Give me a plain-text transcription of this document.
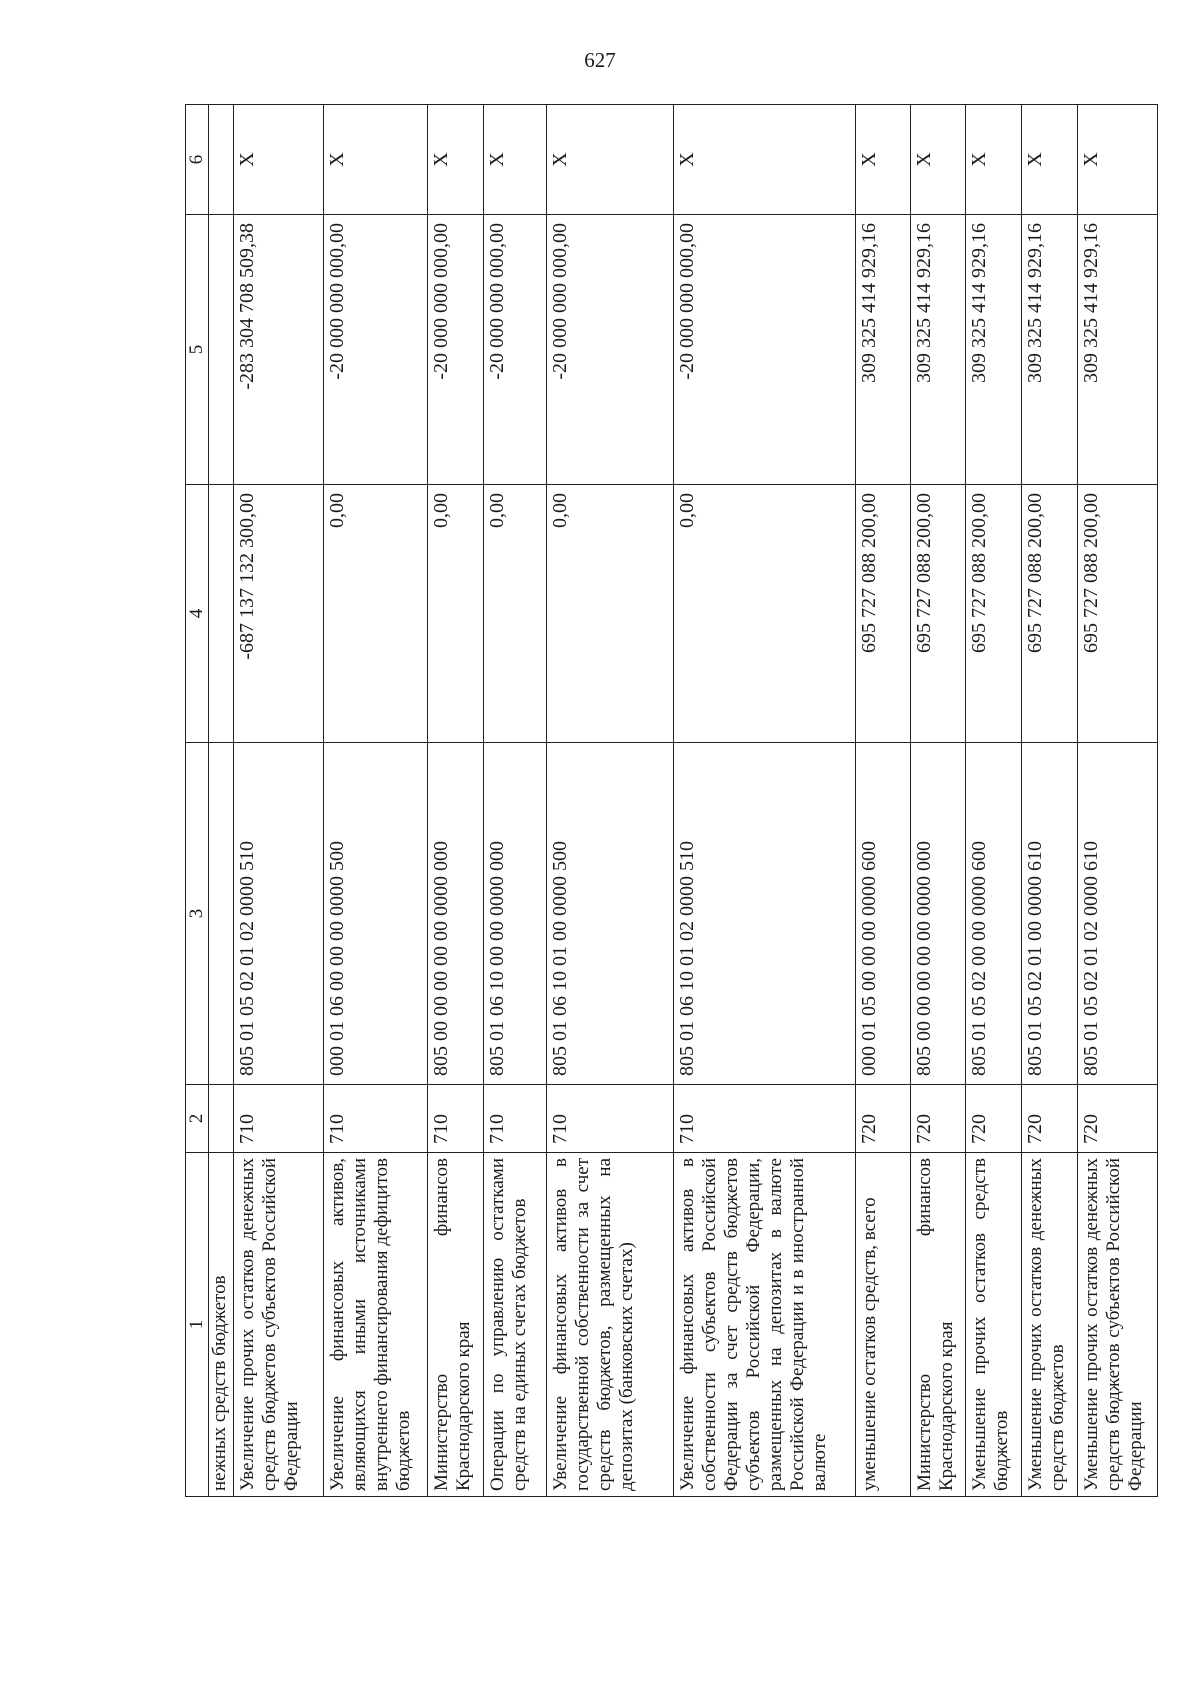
627
1	2	3	4	5	6
нежных средств бюджетов					
Увеличение прочих остатков денежных средств бюджетов субъектов Российской Федерации	710	805 01 05 02 01 02 0000 510	-687 137 132 300,00	-283 304 708 509,38	X
Увеличение финансовых активов, являющихся иными источниками внутреннего финансирования дефицитов бюджетов	710	000 01 06 00 00 00 0000 500	0,00	-20 000 000 000,00	X
Министерство финансов Краснодарского края	710	805 00 00 00 00 00 0000 000	0,00	-20 000 000 000,00	X
Операции по управлению остатками средств на единых счетах бюджетов	710	805 01 06 10 00 00 0000 000	0,00	-20 000 000 000,00	X
Увеличение финансовых активов в государственной собственности за счет средств бюджетов, размещенных на депозитах (банковских счетах)	710	805 01 06 10 01 00 0000 500	0,00	-20 000 000 000,00	X
Увеличение финансовых активов в собственности субъектов Российской Федерации за счет средств бюджетов субъектов Российской Федерации, размещенных на депозитах в валюте Российской Федерации и в иностранной валюте	710	805 01 06 10 01 02 0000 510	0,00	-20 000 000 000,00	X
уменьшение остатков средств, всего	720	000 01 05 00 00 00 0000 600	695 727 088 200,00	309 325 414 929,16	X
Министерство финансов Краснодарского края	720	805 00 00 00 00 00 0000 000	695 727 088 200,00	309 325 414 929,16	X
Уменьшение прочих остатков средств бюджетов	720	805 01 05 02 00 00 0000 600	695 727 088 200,00	309 325 414 929,16	X
Уменьшение прочих остатков денежных средств бюджетов	720	805 01 05 02 01 00 0000 610	695 727 088 200,00	309 325 414 929,16	X
Уменьшение прочих остатков денежных средств бюджетов субъектов Российской Федерации	720	805 01 05 02 01 02 0000 610	695 727 088 200,00	309 325 414 929,16	X
